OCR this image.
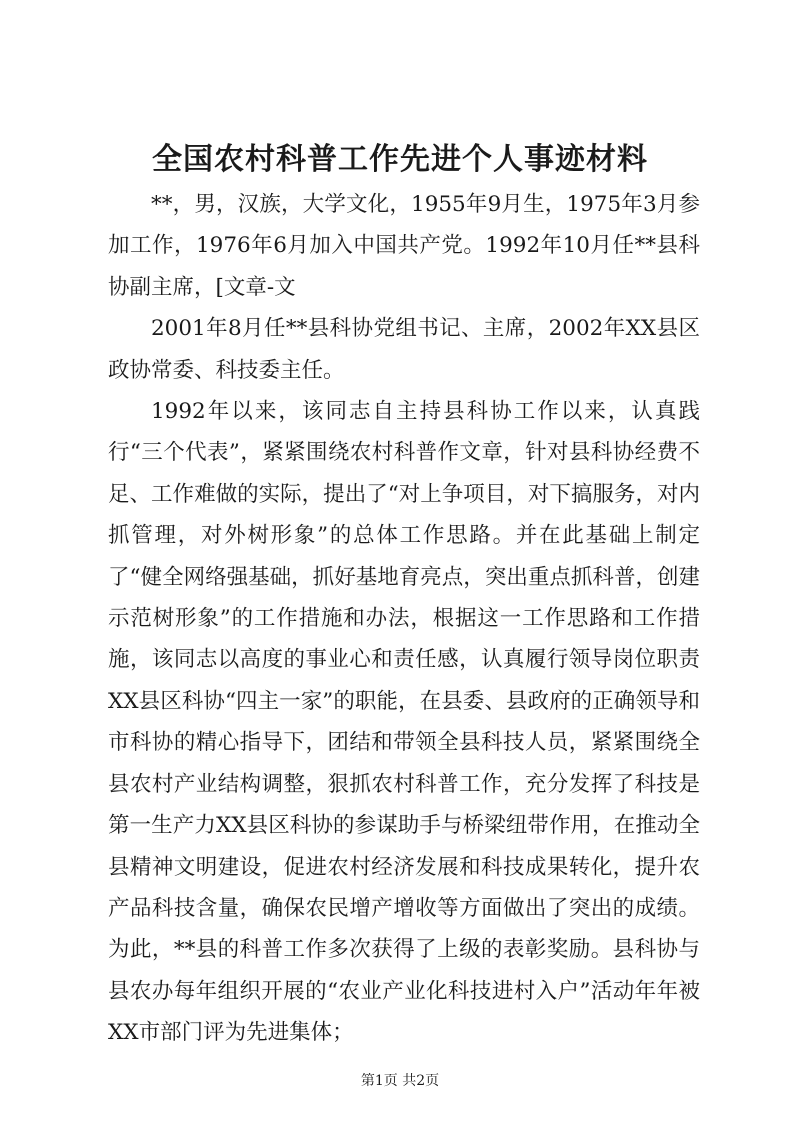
全国农村科普工作先进个人事迹材料

**，男，汉族，大学文化，1955年9月生，1975年3月参加工作，1976年6月加入中国共产党。1992年10月任**县科协副主席，[文章-文

2001年8月任**县科协党组书记、主席，2002年XX县区政协常委、科技委主任。

1992年以来，该同志自主持县科协工作以来，认真践行“三个代表”，紧紧围绕农村科普作文章，针对县科协经费不足、工作难做的实际，提出了“对上争项目，对下搞服务，对内抓管理，对外树形象”的总体工作思路。并在此基础上制定了“健全网络强基础，抓好基地育亮点，突出重点抓科普，创建示范树形象”的工作措施和办法，根据这一工作思路和工作措施，该同志以高度的事业心和责任感，认真履行领导岗位职责XX县区科协“四主一家”的职能，在县委、县政府的正确领导和市科协的精心指导下，团结和带领全县科技人员，紧紧围绕全县农村产业结构调整，狠抓农村科普工作，充分发挥了科技是第一生产力XX县区科协的参谋助手与桥梁纽带作用，在推动全县精神文明建设，促进农村经济发展和科技成果转化，提升农产品科技含量，确保农民增产增收等方面做出了突出的成绩。为此，**县的科普工作多次获得了上级的表彰奖励。县科协与县农办每年组织开展的“农业产业化科技进村入户”活动年年被XX市部门评为先进集体；

第1页 共2页
